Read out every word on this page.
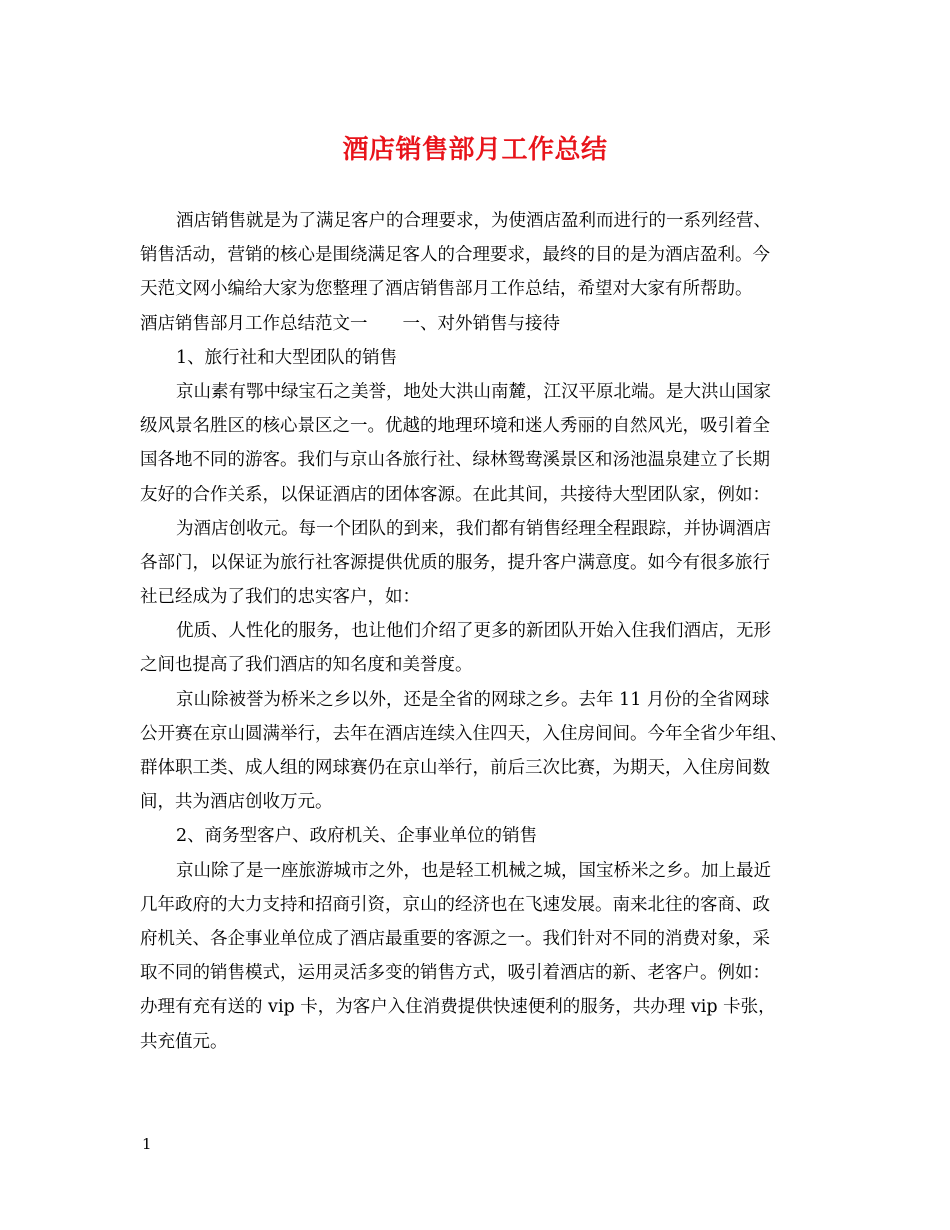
酒店销售部月工作总结
酒店销售就是为了满足客户的合理要求，为使酒店盈利而进行的一系列经营、
销售活动，营销的核心是围绕满足客人的合理要求，最终的目的是为酒店盈利。今
天范文网小编给大家为您整理了酒店销售部月工作总结，希望对大家有所帮助。
酒店销售部月工作总结范文一　　一、对外销售与接待
1、旅行社和大型团队的销售
京山素有鄂中绿宝石之美誉，地处大洪山南麓，江汉平原北端。是大洪山国家
级风景名胜区的核心景区之一。优越的地理环境和迷人秀丽的自然风光，吸引着全
国各地不同的游客。我们与京山各旅行社、绿林鸳鸯溪景区和汤池温泉建立了长期
友好的合作关系，以保证酒店的团体客源。在此其间，共接待大型团队家，例如：
为酒店创收元。每一个团队的到来，我们都有销售经理全程跟踪，并协调酒店
各部门，以保证为旅行社客源提供优质的服务，提升客户满意度。如今有很多旅行
社已经成为了我们的忠实客户，如：
优质、人性化的服务，也让他们介绍了更多的新团队开始入住我们酒店，无形
之间也提高了我们酒店的知名度和美誉度。
京山除被誉为桥米之乡以外，还是全省的网球之乡。去年 11 月份的全省网球
公开赛在京山圆满举行，去年在酒店连续入住四天，入住房间间。今年全省少年组、
群体职工类、成人组的网球赛仍在京山举行，前后三次比赛，为期天，入住房间数
间，共为酒店创收万元。
2、商务型客户、政府机关、企事业单位的销售
京山除了是一座旅游城市之外，也是轻工机械之城，国宝桥米之乡。加上最近
几年政府的大力支持和招商引资，京山的经济也在飞速发展。南来北往的客商、政
府机关、各企事业单位成了酒店最重要的客源之一。我们针对不同的消费对象，采
取不同的销售模式，运用灵活多变的销售方式，吸引着酒店的新、老客户。例如：
办理有充有送的 vip 卡，为客户入住消费提供快速便利的服务，共办理 vip 卡张，
共充值元。
1
